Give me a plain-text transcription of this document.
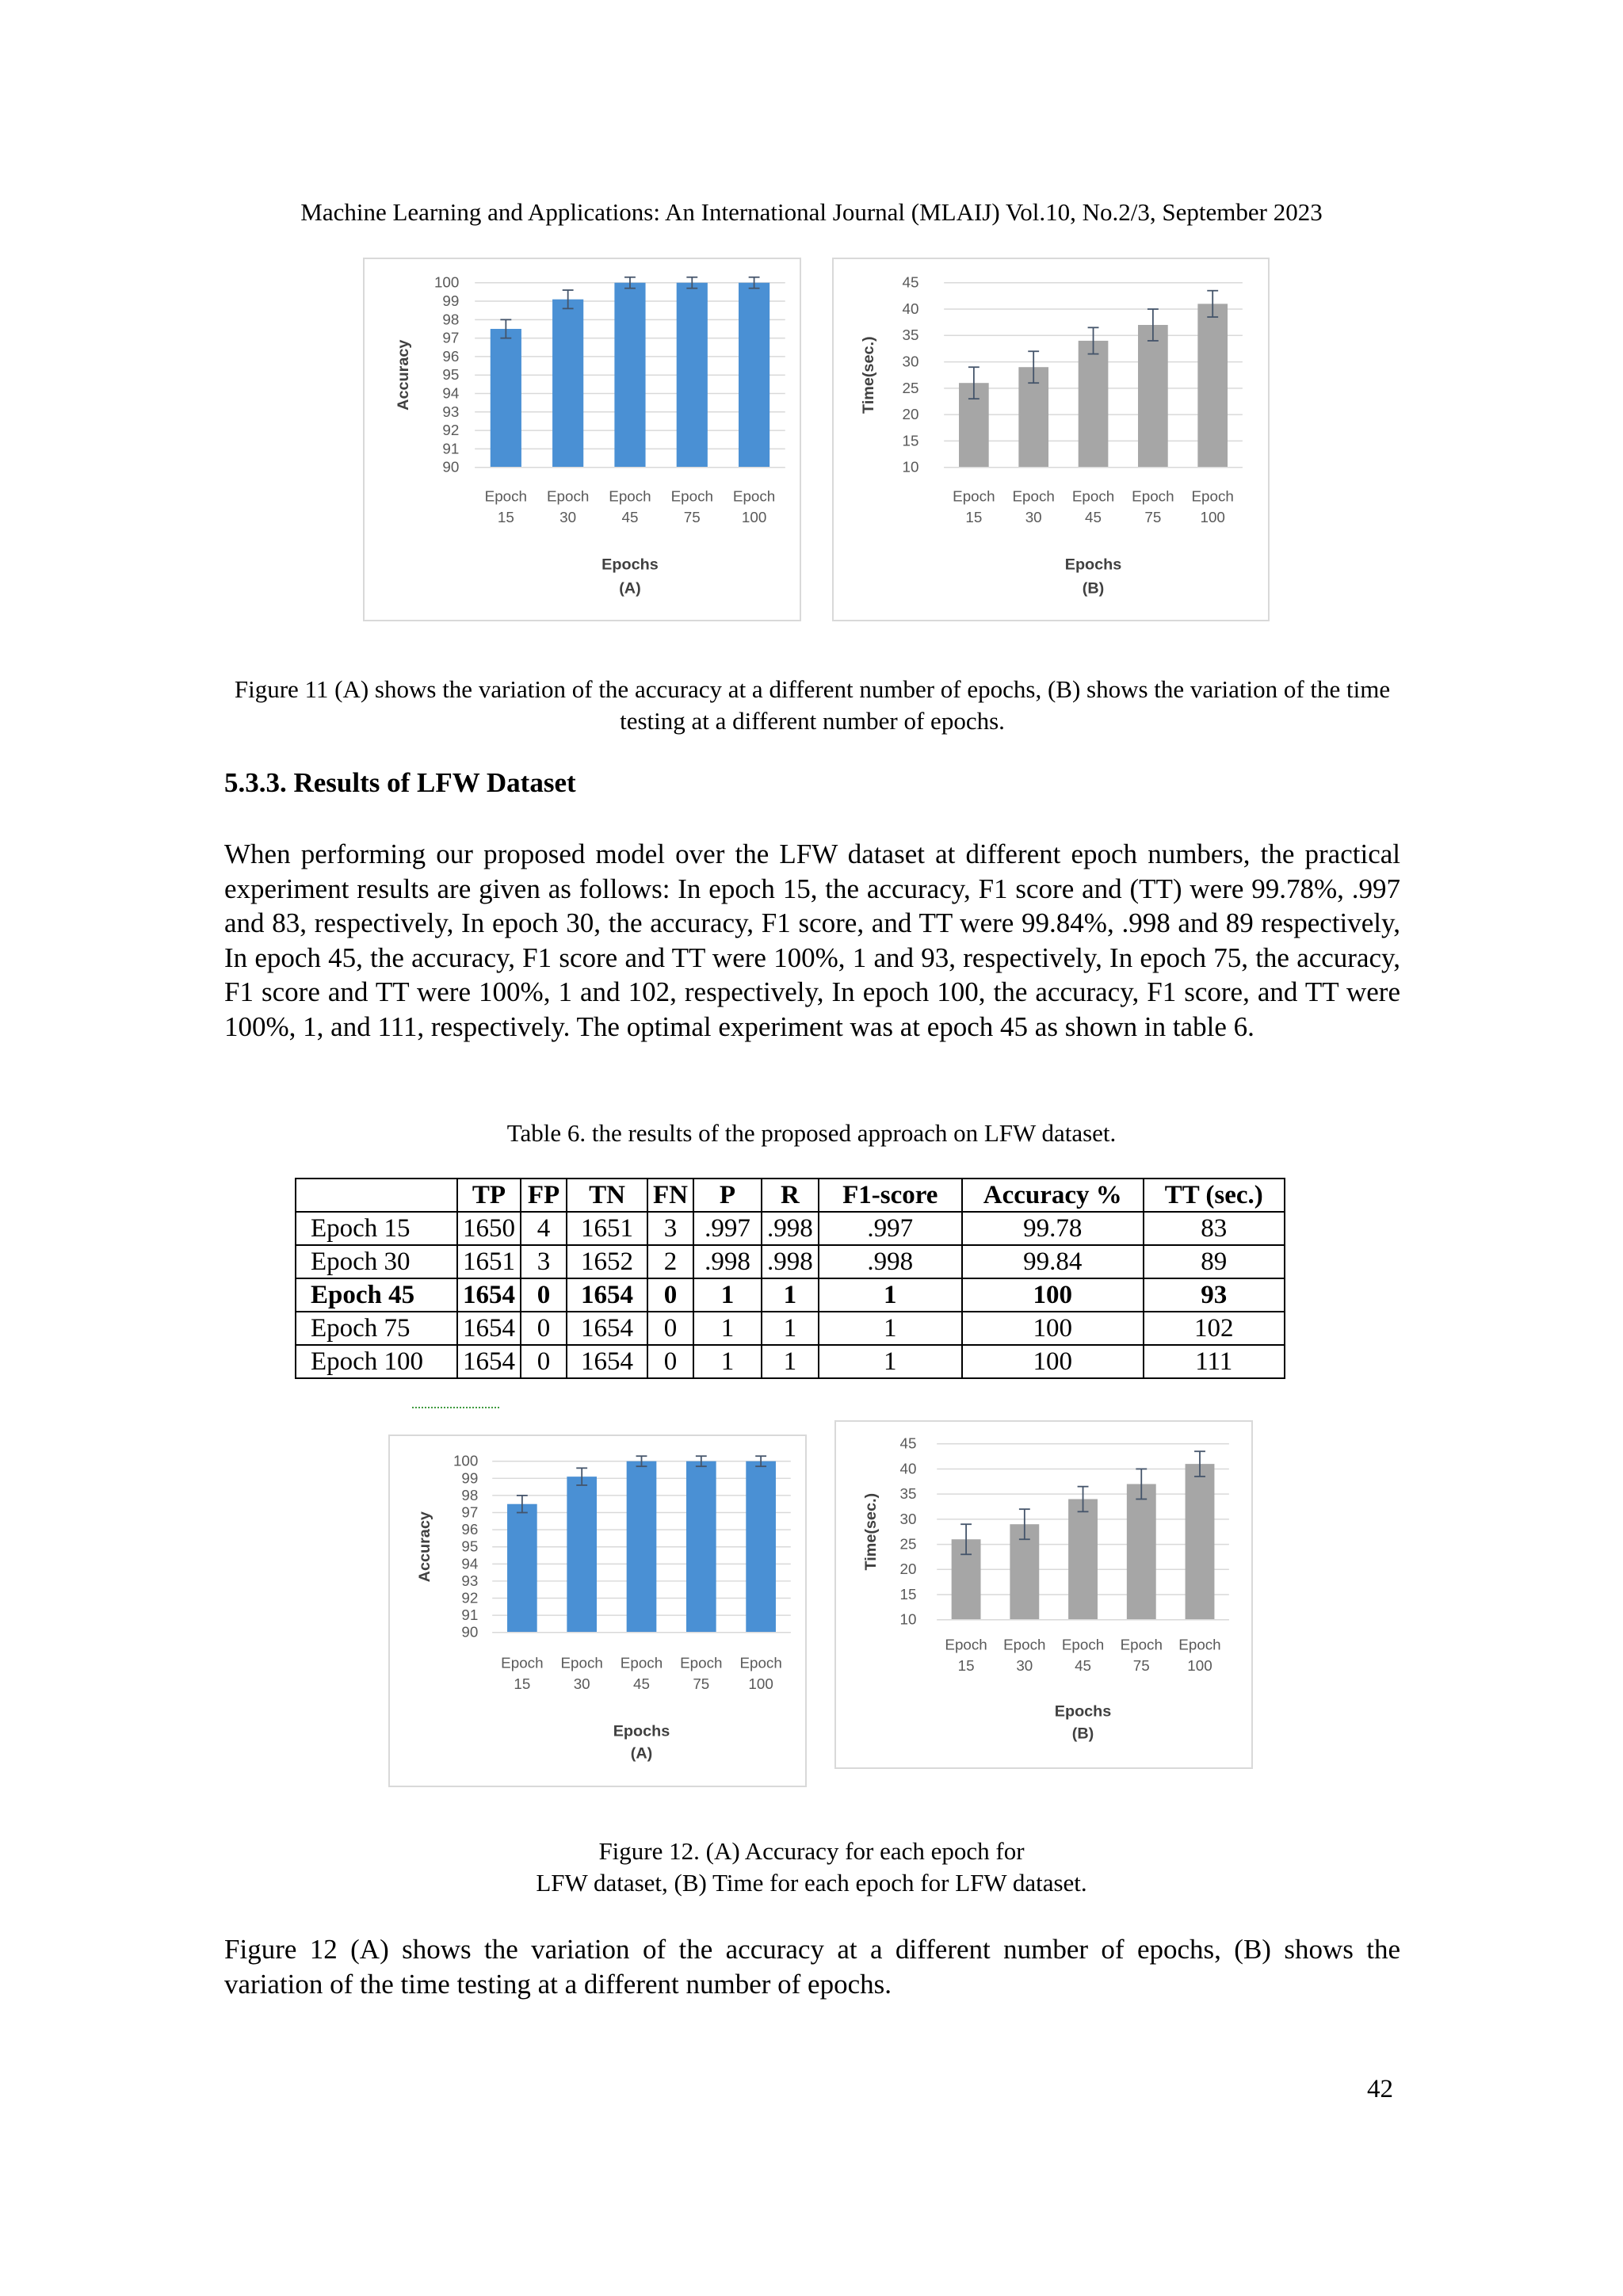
Machine Learning and Applications: An International Journal (MLAIJ) Vol.10, No.2/3, September 2023
90
91
92
93
94
95
96
97
98
99
100
Epoch
15
Epoch
30
Epoch
45
Epoch
75
Epoch
100
Epochs
(A)
Accuracy
10
15
20
25
30
35
40
45
Epoch
15
Epoch
30
Epoch
45
Epoch
75
Epoch
100
Epochs
(B)
Time(sec.)
Figure 11 (A) shows the variation of the accuracy at a different number of epochs, (B) shows the variation of the time testing at a different number of epochs.
5.3.3. Results of LFW Dataset
When performing our proposed model over the LFW dataset at different epoch numbers, the practical experiment results are given as follows: In epoch 15, the accuracy, F1 score and (TT) were 99.78%, .997 and 83, respectively, In epoch 30, the accuracy, F1 score, and TT were 99.84%, .998 and 89 respectively, In epoch 45, the accuracy, F1 score and TT were 100%, 1 and 93, respectively, In epoch 75, the accuracy, F1 score and TT were 100%, 1 and 102, respectively, In epoch 100, the accuracy, F1 score, and TT were 100%, 1, and 111, respectively. The optimal experiment was at epoch 45 as shown in table 6.
Table 6. the results of the proposed approach on LFW dataset.
	TP	FP	TN	FN	P	R	F1-score	Accuracy %	TT (sec.)
Epoch 15	1650	4	1651	3	.997	.998	.997	99.78	83
Epoch 30	1651	3	1652	2	.998	.998	.998	99.84	89
Epoch 45	1654	0	1654	0	1	1	1	100	93
Epoch 75	1654	0	1654	0	1	1	1	100	102
Epoch 100	1654	0	1654	0	1	1	1	100	111
90
91
92
93
94
95
96
97
98
99
100
Epoch
15
Epoch
30
Epoch
45
Epoch
75
Epoch
100
Epochs
(A)
Accuracy
10
15
20
25
30
35
40
45
Epoch
15
Epoch
30
Epoch
45
Epoch
75
Epoch
100
Epochs
(B)
Time(sec.)
Figure 12. (A) Accuracy for each epoch for
LFW dataset, (B) Time for each epoch for LFW dataset.
Figure 12 (A) shows the variation of the accuracy at a different number of epochs, (B) shows the variation of the time testing at a different number of epochs.
42
